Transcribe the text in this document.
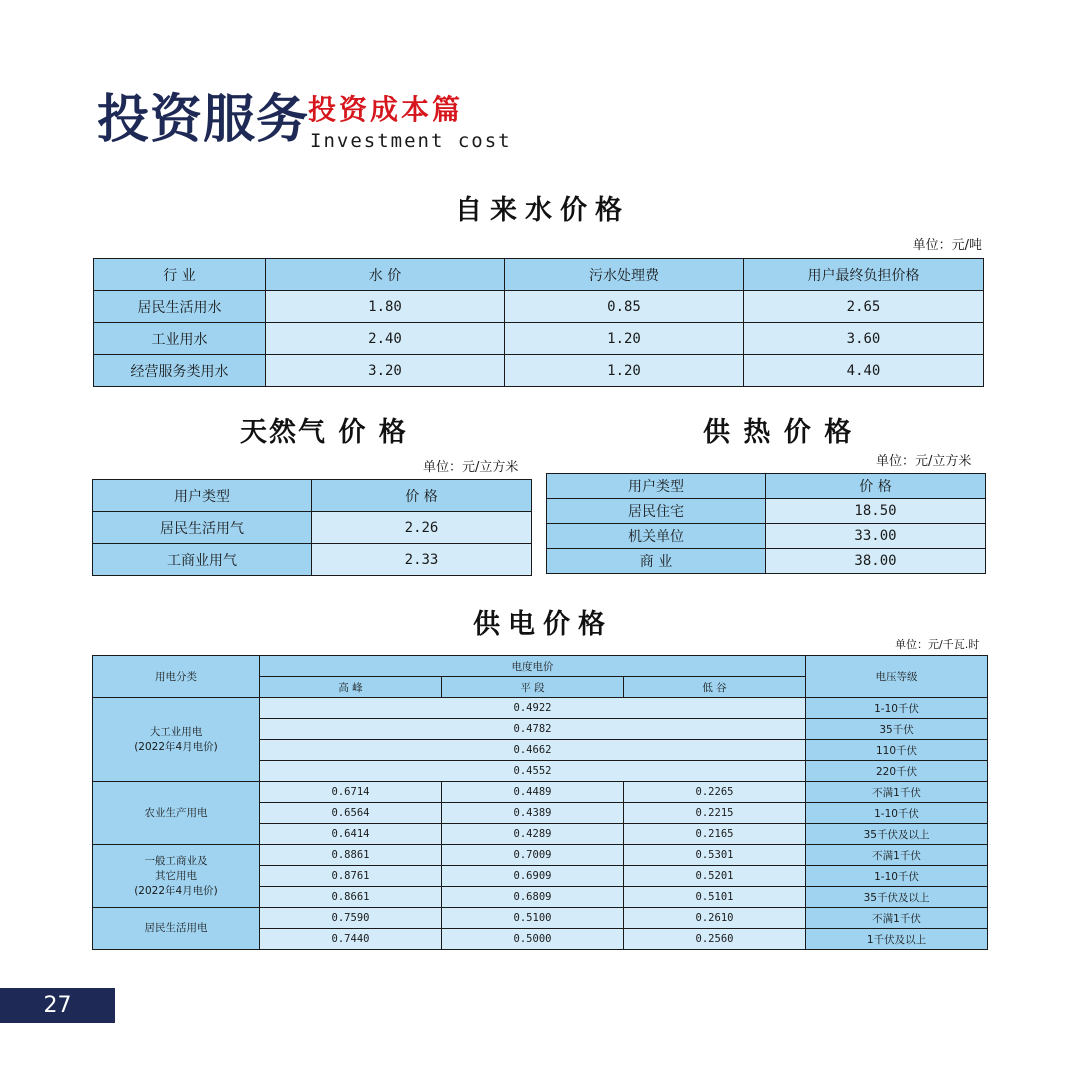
投资服务
投资成本篇
Investment cost
自来水价格
单位：元/吨
行 业	水 价	污水处理费	用户最终负担价格
居民生活用水	1.80	0.85	2.65
工业用水	2.40	1.20	3.60
经营服务类用水	3.20	1.20	4.40
天然气 价 格
单位：元/立方米
用户类型	价 格
居民生活用气	2.26
工商业用气	2.33
供 热 价 格
单位：元/立方米
用户类型	价 格
居民住宅	18.50
机关单位	33.00
商 业	38.00
供电价格
单位：元/千瓦.时
用电分类	电度电价			电压等级
	高 峰	平 段	低 谷	
大工业用电
(2022年4月电价)	0.4922			1-10千伏
	0.4782			35千伏
	0.4662			110千伏
	0.4552			220千伏
农业生产用电	0.6714	0.4489	0.2265	不满1千伏
	0.6564	0.4389	0.2215	1-10千伏
	0.6414	0.4289	0.2165	35千伏及以上
一般工商业及
其它用电
(2022年4月电价)	0.8861	0.7009	0.5301	不满1千伏
	0.8761	0.6909	0.5201	1-10千伏
	0.8661	0.6809	0.5101	35千伏及以上
居民生活用电	0.7590	0.5100	0.2610	不满1千伏
	0.7440	0.5000	0.2560	1千伏及以上
27
